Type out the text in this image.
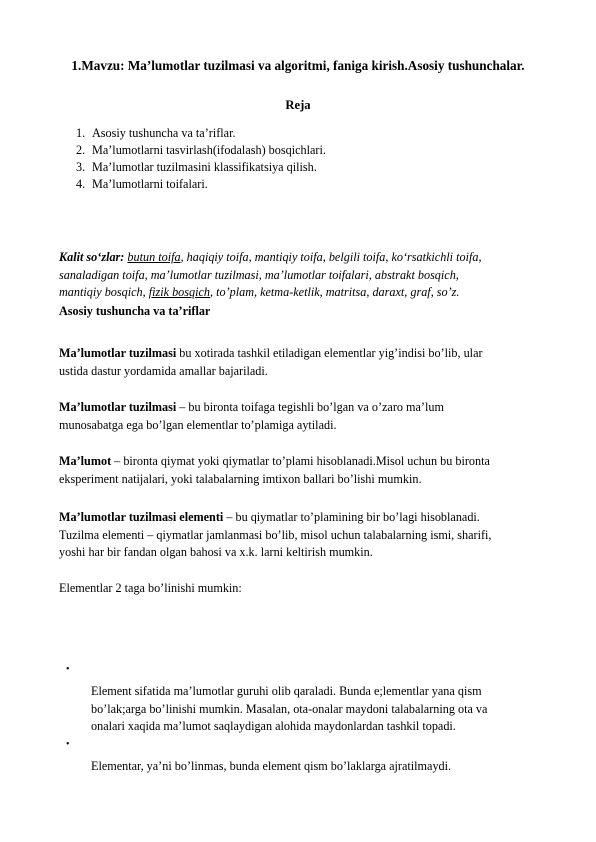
1.Mavzu: Ma’lumotlar tuzilmasi va algoritmi, faniga kirish.Asosiy tushunchalar.
Reja
1. Asosiy tushuncha va ta’riflar.
2. Ma’lumotlarni tasvirlash(ifodalash) bosqichlari.
3. Ma’lumotlar tuzilmasini klassifikatsiya qilish.
4. Ma’lumotlarni toifalari.
Kalit so‘zlar: butun toifa, haqiqiy toifa, mantiqiy toifa, belgili toifa, ko‘rsatkichli toifa,
sanaladigan toifa, ma’lumotlar tuzilmasi, ma’lumotlar toifalari, abstrakt bosqich,
mantiqiy bosqich, fizik bosqich, to’plam, ketma-ketlik, matritsa, daraxt, graf, so’z.
Asosiy tushuncha va ta’riflar
Ma’lumotlar tuzilmasi bu xotirada tashkil etiladigan elementlar yig’indisi bo’lib, ular
ustida dastur yordamida amallar bajariladi.
Ma’lumotlar tuzilmasi – bu bironta toifaga tegishli bo’lgan va o’zaro ma’lum
munosabatga ega bo’lgan elementlar to’plamiga aytiladi.
Ma’lumot – bironta qiymat yoki qiymatlar to’plami hisoblanadi.Misol uchun bu bironta
eksperiment natijalari, yoki talabalarning imtixon ballari bo’lishi mumkin.
Ma’lumotlar tuzilmasi elementi – bu qiymatlar to’plamining bir bo’lagi hisoblanadi.
Tuzilma elementi – qiymatlar jamlanmasi bo’lib, misol uchun talabalarning ismi, sharifi,
yoshi har bir fandan olgan bahosi va x.k. larni keltirish mumkin.
Elementlar 2 taga bo’linishi mumkin:
•
Element sifatida ma’lumotlar guruhi olib qaraladi. Bunda e;lementlar yana qism
bo’lak;arga bo’linishi mumkin. Masalan, ota-onalar maydoni talabalarning ota va
onalari xaqida ma’lumot saqlaydigan alohida maydonlardan tashkil topadi.
•
Elementar, ya’ni bo’linmas, bunda element qism bo’laklarga ajratilmaydi.
